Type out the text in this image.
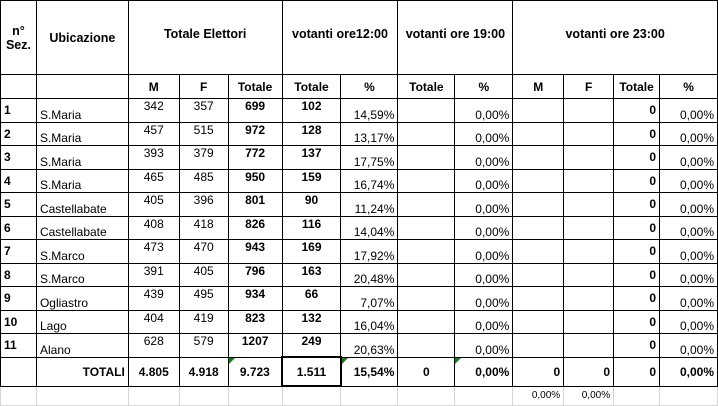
n° Sez.	Ubicazione	Totale Elettori			votanti ore12:00		votanti ore 19:00		votanti ore 23:00			
		M	F	Totale	Totale	%	Totale	%	M	F	Totale	%
1	S.Maria	342	357	699	102	14,59%		0,00%			0	0,00%
2	S.Maria	457	515	972	128	13,17%		0,00%			0	0,00%
3	S.Maria	393	379	772	137	17,75%		0,00%			0	0,00%
4	S.Maria	465	485	950	159	16,74%		0,00%			0	0,00%
5	Castellabate	405	396	801	90	11,24%		0,00%			0	0,00%
6	Castellabate	408	418	826	116	14,04%		0,00%			0	0,00%
7	S.Marco	473	470	943	169	17,92%		0,00%			0	0,00%
8	S.Marco	391	405	796	163	20,48%		0,00%			0	0,00%
9	Ogliastro	439	495	934	66	7,07%		0,00%			0	0,00%
10	Lago	404	419	823	132	16,04%		0,00%			0	0,00%
11	Alano	628	579	1207	249	20,63%		0,00%			0	0,00%
	TOTALI	4.805	4.918	9.723	1.511	15,54%	0	0,00%	0	0	0	0,00%
									0,00%	0,00%		
